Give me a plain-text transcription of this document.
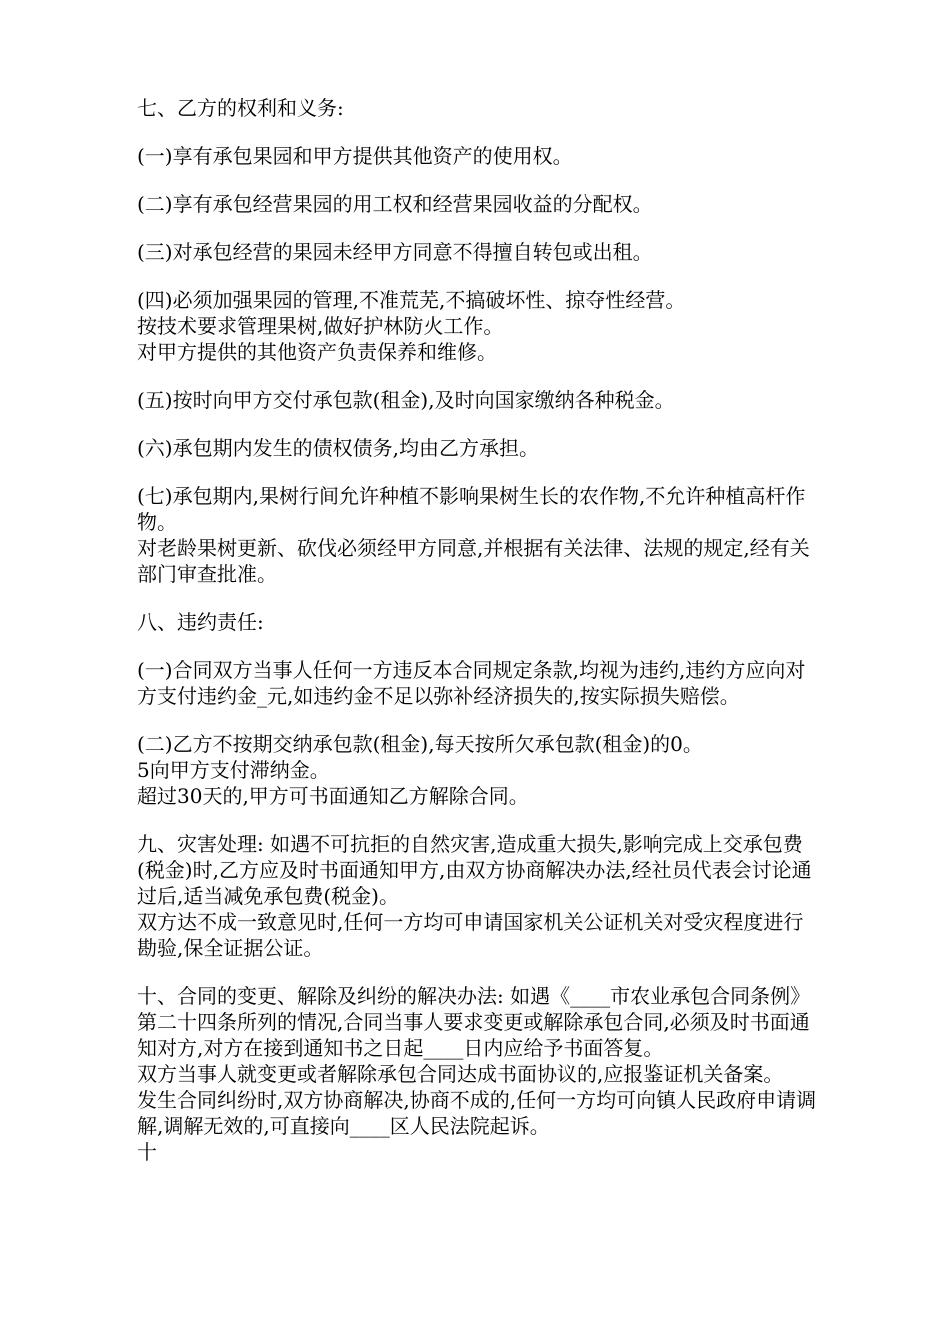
七、乙方的权利和义务:

(一)享有承包果园和甲方提供其他资产的使用权。

(二)享有承包经营果园的用工权和经营果园收益的分配权。

(三)对承包经营的果园未经甲方同意不得擅自转包或出租。

(四)必须加强果园的管理,不准荒芜,不搞破坏性、掠夺性经营。
按技术要求管理果树,做好护林防火工作。
对甲方提供的其他资产负责保养和维修。

(五)按时向甲方交付承包款(租金),及时向国家缴纳各种税金。

(六)承包期内发生的债权债务,均由乙方承担。

(七)承包期内,果树行间允许种植不影响果树生长的农作物,不允许种植高杆作物。
对老龄果树更新、砍伐必须经甲方同意,并根据有关法律、法规的规定,经有关部门审查批准。

八、违约责任:

(一)合同双方当事人任何一方违反本合同规定条款,均视为违约,违约方应向对方支付违约金_元,如违约金不足以弥补经济损失的,按实际损失赔偿。

(二)乙方不按期交纳承包款(租金),每天按所欠承包款(租金)的0。
5向甲方支付滞纳金。
超过30天的,甲方可书面通知乙方解除合同。

九、灾害处理: 如遇不可抗拒的自然灾害,造成重大损失,影响完成上交承包费(税金)时,乙方应及时书面通知甲方,由双方协商解决办法,经社员代表会讨论通过后,适当减免承包费(税金)。
双方达不成一致意见时,任何一方均可申请国家机关公证机关对受灾程度进行勘验,保全证据公证。

十、合同的变更、解除及纠纷的解决办法: 如遇《____市农业承包合同条例》第二十四条所列的情况,合同当事人要求变更或解除承包合同,必须及时书面通知对方,对方在接到通知书之日起____日内应给予书面答复。
双方当事人就变更或者解除承包合同达成书面协议的,应报鉴证机关备案。
发生合同纠纷时,双方协商解决,协商不成的,任何一方均可向镇人民政府申请调解,调解无效的,可直接向____区人民法院起诉。
十
